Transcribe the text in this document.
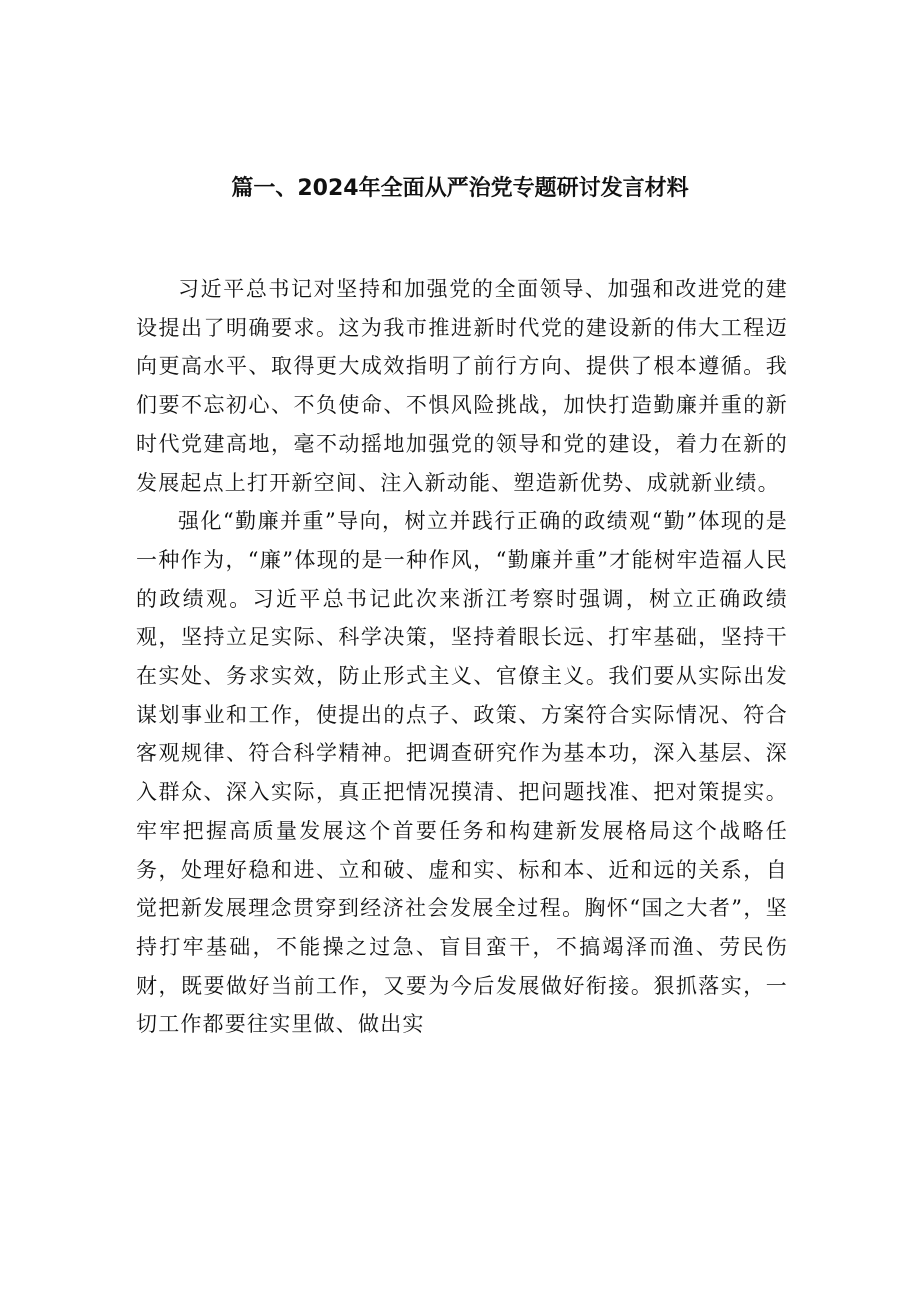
篇一、2024年全面从严治党专题研讨发言材料

习近平总书记对坚持和加强党的全面领导、加强和改进党的建设提出了明确要求。这为我市推进新时代党的建设新的伟大工程迈向更高水平、取得更大成效指明了前行方向、提供了根本遵循。我们要不忘初心、不负使命、不惧风险挑战，加快打造勤廉并重的新时代党建高地，毫不动摇地加强党的领导和党的建设，着力在新的发展起点上打开新空间、注入新动能、塑造新优势、成就新业绩。

强化“勤廉并重”导向，树立并践行正确的政绩观“勤”体现的是一种作为，“廉”体现的是一种作风，“勤廉并重”才能树牢造福人民的政绩观。习近平总书记此次来浙江考察时强调，树立正确政绩观，坚持立足实际、科学决策，坚持着眼长远、打牢基础，坚持干在实处、务求实效，防止形式主义、官僚主义。我们要从实际出发谋划事业和工作，使提出的点子、政策、方案符合实际情况、符合客观规律、符合科学精神。把调查研究作为基本功，深入基层、深入群众、深入实际，真正把情况摸清、把问题找准、把对策提实。牢牢把握高质量发展这个首要任务和构建新发展格局这个战略任务，处理好稳和进、立和破、虚和实、标和本、近和远的关系，自觉把新发展理念贯穿到经济社会发展全过程。胸怀“国之大者”，坚持打牢基础，不能操之过急、盲目蛮干，不搞竭泽而渔、劳民伤财，既要做好当前工作，又要为今后发展做好衔接。狠抓落实，一切工作都要往实里做、做出实
